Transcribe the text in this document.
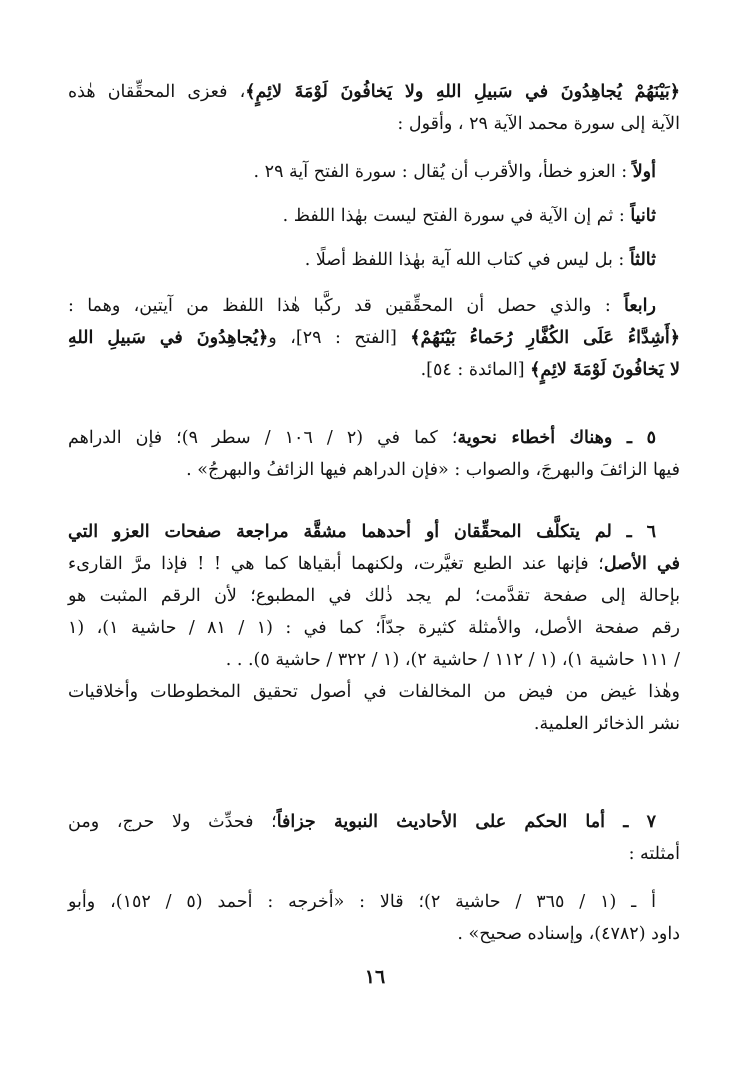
﴿بَيْنَهُمْ يُجاهِدُونَ في سَبيلِ اللهِ ولا يَخافُونَ لَوْمَةَ لائِمٍ﴾، فعزى المحقِّقان هٰذه
الآية إلى سورة محمد الآية ٢٩ ، وأقول :
أولاً : العزو خطأ، والأقرب أن يُقال : سورة الفتح آية ٢٩ .
ثانياً : ثم إن الآية في سورة الفتح ليست بهٰذا اللفظ .
ثالثاً : بل ليس في كتاب الله آية بهٰذا اللفظ أصلًا .
رابعاً : والذي حصل أن المحقِّقين قد ركَّبا هٰذا اللفظ من آيتين، وهما :
﴿أَشِدَّاءُ عَلَى الكُفَّارِ رُحَماءُ بَيْنَهُمْ﴾ [الفتح : ٢٩]، و﴿يُجاهِدُونَ في سَبيلِ اللهِ
لا يَخافُونَ لَوْمَةَ لائِمٍ﴾ [المائدة : ٥٤].
٥ ـ وهناك أخطاء نحوية؛ كما في (٢ / ١٠٦ / سطر ٩)؛ فإن الدراهم
فيها الزائفَ والبهرجَ، والصواب : «فإن الدراهم فيها الزائفُ والبهرجُ» .
٦ ـ لم يتكلَّف المحقِّقان أو أحدهما مشقَّة مراجعة صفحات العزو التي
في الأصل؛ فإنها عند الطبع تغيَّرت، ولكنهما أبقياها كما هي ! ! فإذا مرَّ القارىء
بإحالة إلى صفحة تقدَّمت؛ لم يجد ذٰلك في المطبوع؛ لأن الرقم المثبت هو
رقم صفحة الأصل، والأمثلة كثيرة جدّاً؛ كما في : (١ / ٨١ / حاشية ١)، (١
/ ١١١ حاشية ١)، (١ / ١١٢ / حاشية ٢)، (١ / ٣٢٢ / حاشية ٥). . .
وهٰذا غيض من فيض من المخالفات في أصول تحقيق المخطوطات وأخلاقيات
نشر الذخائر العلمية.
٧ ـ أما الحكم على الأحاديث النبوية جزافاً؛ فحدِّث ولا حرج، ومن
أمثلته :
أ ـ (١ / ٣٦٥ / حاشية ٢)؛ قالا : «أخرجه : أحمد (٥ / ١٥٢)، وأبو
داود (٤٧٨٢)، وإسناده صحيح» .
١٦
